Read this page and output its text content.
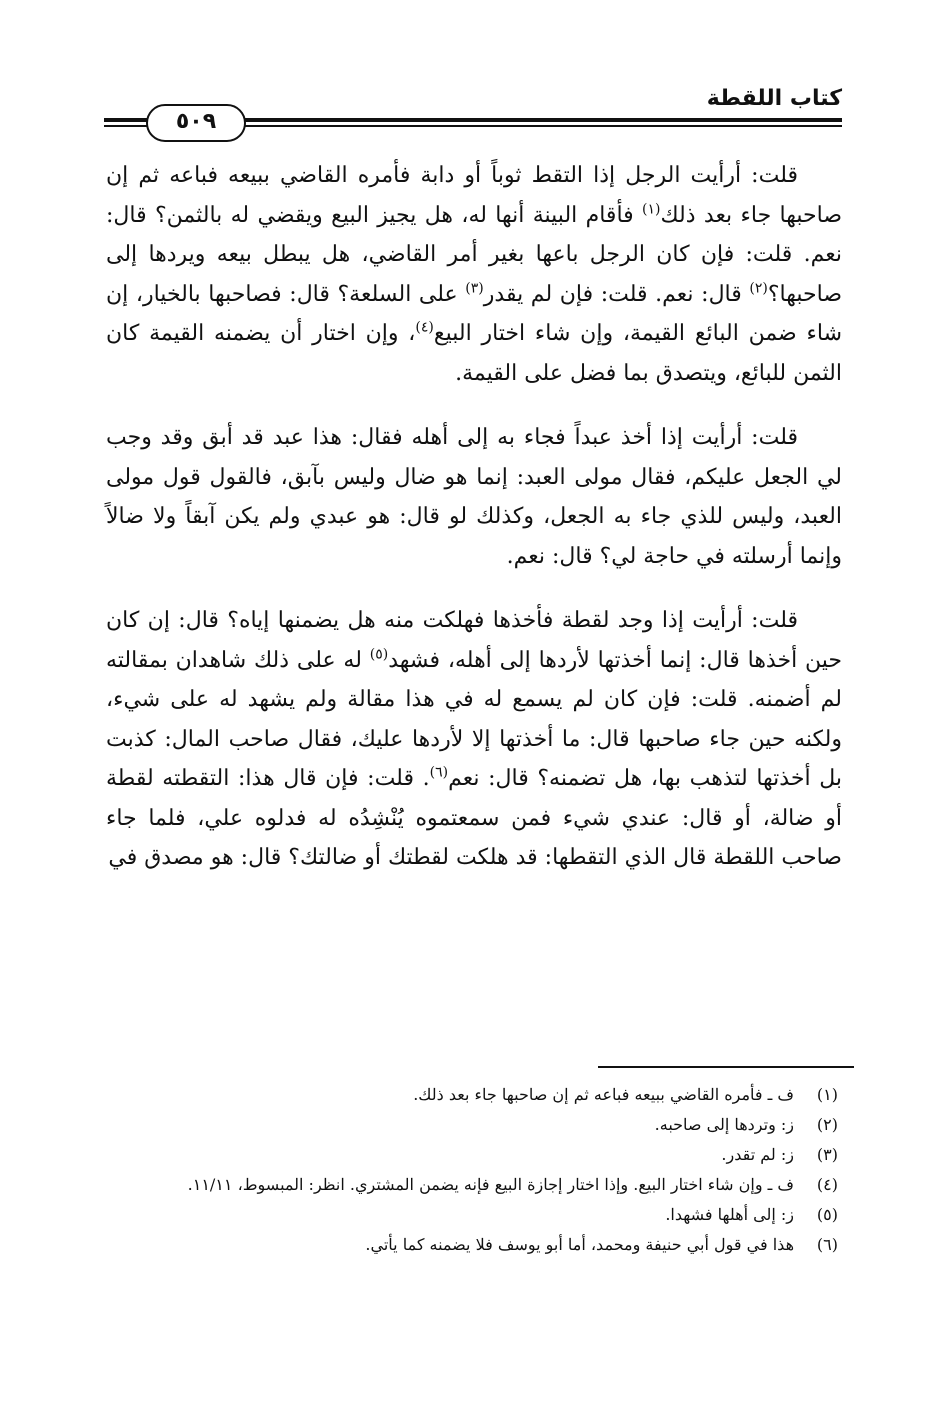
كتاب اللقطة
٥٠٩

قلت: أرأيت الرجل إذا التقط ثوباً أو دابة فأمره القاضي ببيعه فباعه ثم إن صاحبها جاء بعد ذلك$^{(١)}$ فأقام البينة أنها له، هل يجيز البيع ويقضي له بالثمن؟ قال: نعم. قلت: فإن كان الرجل باعها بغير أمر القاضي، هل يبطل بيعه ويردها إلى صاحبها؟$^{(٢)}$ قال: نعم. قلت: فإن لم يقدر$^{(٣)}$ على السلعة؟ قال: فصاحبها بالخيار، إن شاء ضمن البائع القيمة، وإن شاء اختار البيع$^{(٤)}$، وإن اختار أن يضمنه القيمة كان الثمن للبائع، ويتصدق بما فضل على القيمة.

قلت: أرأيت إذا أخذ عبداً فجاء به إلى أهله فقال: هذا عبد قد أبق وقد وجب لي الجعل عليكم، فقال مولى العبد: إنما هو ضال وليس بآبق، فالقول قول مولى العبد، وليس للذي جاء به الجعل، وكذلك لو قال: هو عبدي ولم يكن آبقاً ولا ضالاً وإنما أرسلته في حاجة لي؟ قال: نعم.

قلت: أرأيت إذا وجد لقطة فأخذها فهلكت منه هل يضمنها إياه؟ قال: إن كان حين أخذها قال: إنما أخذتها لأردها إلى أهله، فشهد$^{(٥)}$ له على ذلك شاهدان بمقالته لم أضمنه. قلت: فإن كان لم يسمع له في هذا مقالة ولم يشهد له على شيء، ولكنه حين جاء صاحبها قال: ما أخذتها إلا لأردها عليك، فقال صاحب المال: كذبت بل أخذتها لتذهب بها، هل تضمنه؟ قال: نعم$^{(٦)}$. قلت: فإن قال هذا: التقطته لقطة أو ضالة، أو قال: عندي شيء فمن سمعتموه يُنْشِدُه له فدلوه علي، فلما جاء صاحب اللقطة قال الذي التقطها: قد هلكت لقطتك أو ضالتك؟ قال: هو مصدق في

(١)
ف ـ فأمره القاضي ببيعه فباعه ثم إن صاحبها جاء بعد ذلك.
(٢)
ز: وتردها إلى صاحبه.
(٣)
ز: لم تقدر.
(٤)
ف ـ وإن شاء اختار البيع. وإذا اختار إجازة البيع فإنه يضمن المشتري. انظر: المبسوط، ١١/١١.
(٥)
ز: إلى أهلها فشهدا.
(٦)
هذا في قول أبي حنيفة ومحمد، أما أبو يوسف فلا يضمنه كما يأتي.
